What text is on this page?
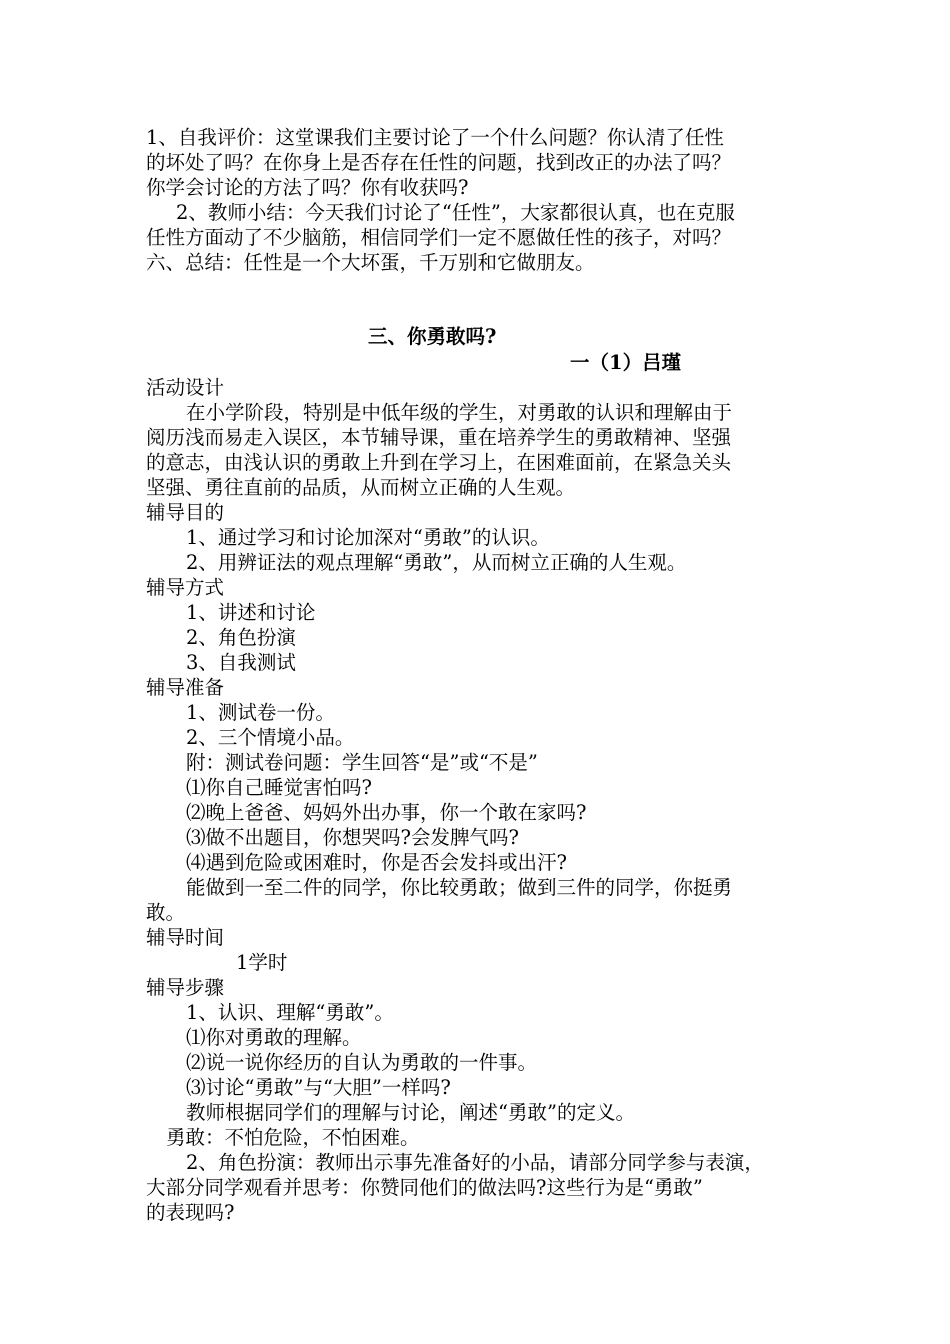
1、自我评价：这堂课我们主要讨论了一个什么问题？你认清了任性
的坏处了吗？在你身上是否存在任性的问题，找到改正的办法了吗？
你学会讨论的方法了吗？你有收获吗?
2、教师小结：今天我们讨论了“任性”，大家都很认真，也在克服
任性方面动了不少脑筋，相信同学们一定不愿做任性的孩子，对吗？
六、总结：任性是一个大坏蛋，千万别和它做朋友。
三、你勇敢吗?
一（1）吕瑾
活动设计
在小学阶段，特别是中低年级的学生，对勇敢的认识和理解由于
阅历浅而易走入误区，本节辅导课，重在培养学生的勇敢精神、坚强
的意志，由浅认识的勇敢上升到在学习上，在困难面前，在紧急关头
坚强、勇往直前的品质，从而树立正确的人生观。
辅导目的
1、通过学习和讨论加深对“勇敢”的认识。
2、用辨证法的观点理解“勇敢”，从而树立正确的人生观。
辅导方式
1、讲述和讨论
2、角色扮演
3、自我测试
辅导准备
1、测试卷一份。
2、三个情境小品。
附：测试卷问题：学生回答“是”或“不是”
⑴你自己睡觉害怕吗?
⑵晚上爸爸、妈妈外出办事，你一个敢在家吗?
⑶做不出题目，你想哭吗?会发脾气吗?
⑷遇到危险或困难时，你是否会发抖或出汗?
能做到一至二件的同学，你比较勇敢；做到三件的同学，你挺勇
敢。
辅导时间
1学时
辅导步骤
1、认识、理解“勇敢”。
⑴你对勇敢的理解。
⑵说一说你经历的自认为勇敢的一件事。
⑶讨论“勇敢”与“大胆”一样吗?
教师根据同学们的理解与讨论，阐述“勇敢”的定义。
勇敢：不怕危险，不怕困难。
2、角色扮演：教师出示事先准备好的小品，请部分同学参与表演，
大部分同学观看并思考：你赞同他们的做法吗?这些行为是“勇敢”
的表现吗?
